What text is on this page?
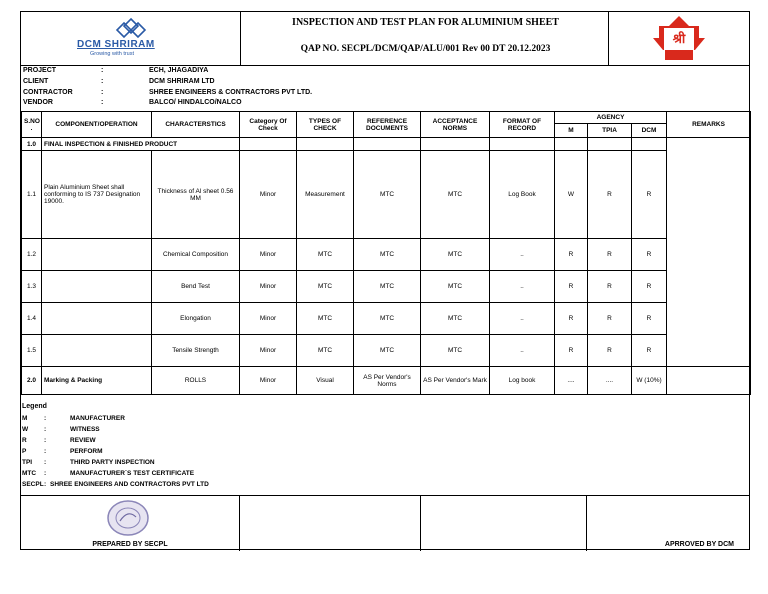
DCM SHRIRAM
Growing with trust
INSPECTION AND TEST PLAN FOR ALUMINIUM SHEET
QAP NO. SECPL/DCM/QAP/ALU/001 Rev 00 DT 20.12.2023
श्री
PROJECT	:	ECH, JHAGADIYA
CLIENT	:	DCM SHRIRAM LTD
CONTRACTOR	:	SHREE ENGINEERS & CONTRACTORS PVT LTD.
VENDOR	:	BALCO/ HINDALCO/NALCO
S.NO .	COMPONENT/OPERATION	CHARACTERSTICS	Category Of Check	TYPES OF CHECK	REFERENCE DOCUMENTS	ACCEPTANCE NORMS	FORMAT OF RECORD	AGENCY			REMARKS
								M	TPIA	DCM	
1.0	FINAL INSPECTION & FINISHED PRODUCT										
1.1	Plain Aluminium Sheet shall conforming to IS 737 Designation 19000.	Thickness of Al sheet 0.56 MM	Minor	Measurement	MTC	MTC	Log Book	W	R	R	
1.2		Chemical Composition	Minor	MTC	MTC	MTC	..	R	R	R	
1.3		Bend Test	Minor	MTC	MTC	MTC	..	R	R	R	
1.4		Elongation	Minor	MTC	MTC	MTC	..	R	R	R	
1.5		Tensile Strength	Minor	MTC	MTC	MTC	..	R	R	R	
2.0	Marking & Packing	ROLLS	Minor	Visual	AS Per Vendor's Norms	AS Per Vendor's Mark	Log book	....	....	W (10%)	
Legend
M	:	MANUFACTURER
W :	WITNESS
R	:	REVIEW
P	:	PERFORM
TPI :	THIRD PARTY INSPECTION
MTC :	MANUFACTURER`S TEST CERTIFICATE
SECPL : SHREE ENGINEERS AND CONTRACTORS PVT LTD
PREPARED BY SECPL	APRROVED BY DCM
